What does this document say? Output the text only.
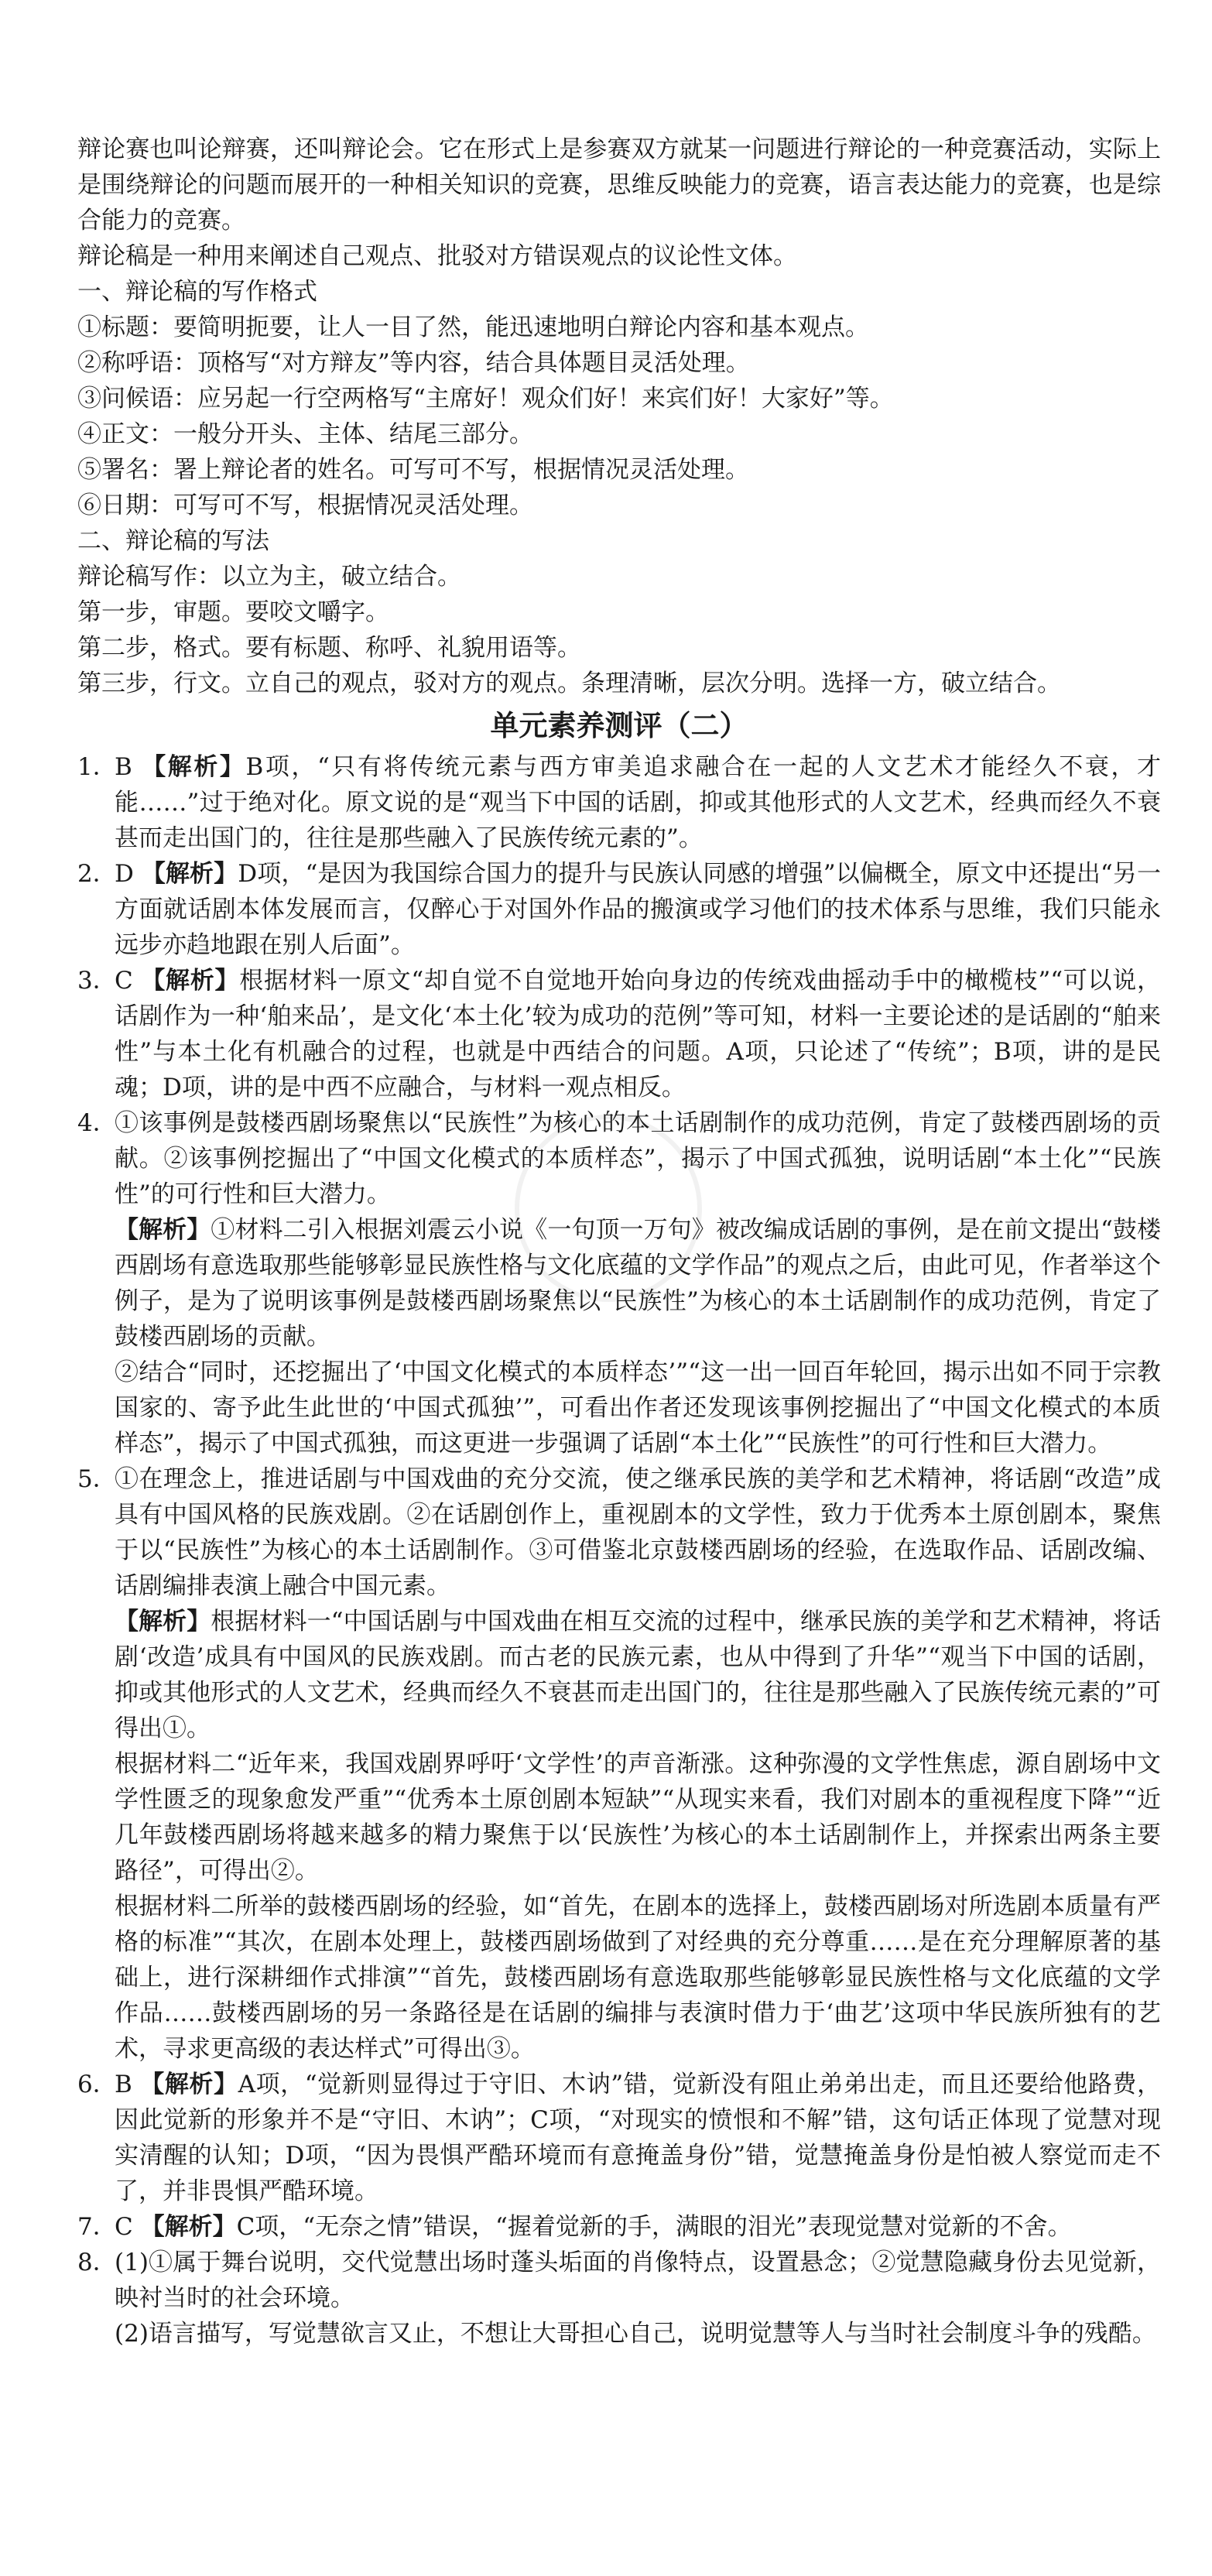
辩论赛也叫论辩赛，还叫辩论会。它在形式上是参赛双方就某一问题进行辩论的一种竞赛活动，实际上是围绕辩论的问题而展开的一种相关知识的竞赛，思维反映能力的竞赛，语言表达能力的竞赛，也是综合能力的竞赛。

辩论稿是一种用来阐述自己观点、批驳对方错误观点的议论性文体。

一、辩论稿的写作格式

①标题：要简明扼要，让人一目了然，能迅速地明白辩论内容和基本观点。

②称呼语：顶格写“对方辩友”等内容，结合具体题目灵活处理。

③问候语：应另起一行空两格写“主席好！观众们好！来宾们好！大家好”等。

④正文：一般分开头、主体、结尾三部分。

⑤署名：署上辩论者的姓名。可写可不写，根据情况灵活处理。

⑥日期：可写可不写，根据情况灵活处理。

二、辩论稿的写法

辩论稿写作：以立为主，破立结合。

第一步，审题。要咬文嚼字。

第二步，格式。要有标题、称呼、礼貌用语等。

第三步，行文。立自己的观点，驳对方的观点。条理清晰，层次分明。选择一方，破立结合。

单元素养测评（二）
1．

B 【解析】B项，“只有将传统元素与西方审美追求融合在一起的人文艺术才能经久不衰，才能……”过于绝对化。原文说的是“观当下中国的话剧，抑或其他形式的人文艺术，经典而经久不衰甚而走出国门的，往往是那些融入了民族传统元素的”。

2．

D 【解析】D项，“是因为我国综合国力的提升与民族认同感的增强”以偏概全，原文中还提出“另一方面就话剧本体发展而言，仅醉心于对国外作品的搬演或学习他们的技术体系与思维，我们只能永远步亦趋地跟在别人后面”。

3．

C 【解析】根据材料一原文“却自觉不自觉地开始向身边的传统戏曲摇动手中的橄榄枝”“可以说，话剧作为一种‘舶来品’，是文化‘本土化’较为成功的范例”等可知，材料一主要论述的是话剧的“舶来性”与本土化有机融合的过程，也就是中西结合的问题。A项，只论述了“传统”；B项，讲的是民魂；D项，讲的是中西不应融合，与材料一观点相反。

4．

①该事例是鼓楼西剧场聚焦以“民族性”为核心的本土话剧制作的成功范例，肯定了鼓楼西剧场的贡献。②该事例挖掘出了“中国文化模式的本质样态”，揭示了中国式孤独，说明话剧“本土化”“民族性”的可行性和巨大潜力。

【解析】①材料二引入根据刘震云小说《一句顶一万句》被改编成话剧的事例，是在前文提出“鼓楼西剧场有意选取那些能够彰显民族性格与文化底蕴的文学作品”的观点之后，由此可见，作者举这个例子，是为了说明该事例是鼓楼西剧场聚焦以“民族性”为核心的本土话剧制作的成功范例，肯定了鼓楼西剧场的贡献。

②结合“同时，还挖掘出了‘中国文化模式的本质样态’”“这一出一回百年轮回，揭示出如不同于宗教国家的、寄予此生此世的‘中国式孤独’”，可看出作者还发现该事例挖掘出了“中国文化模式的本质样态”，揭示了中国式孤独，而这更进一步强调了话剧“本土化”“民族性”的可行性和巨大潜力。

5．

①在理念上，推进话剧与中国戏曲的充分交流，使之继承民族的美学和艺术精神，将话剧“改造”成具有中国风格的民族戏剧。②在话剧创作上，重视剧本的文学性，致力于优秀本土原创剧本，聚焦于以“民族性”为核心的本土话剧制作。③可借鉴北京鼓楼西剧场的经验，在选取作品、话剧改编、话剧编排表演上融合中国元素。

【解析】根据材料一“中国话剧与中国戏曲在相互交流的过程中，继承民族的美学和艺术精神，将话剧‘改造’成具有中国风的民族戏剧。而古老的民族元素，也从中得到了升华”“观当下中国的话剧，抑或其他形式的人文艺术，经典而经久不衰甚而走出国门的，往往是那些融入了民族传统元素的”可得出①。

根据材料二“近年来，我国戏剧界呼吁‘文学性’的声音渐涨。这种弥漫的文学性焦虑，源自剧场中文学性匮乏的现象愈发严重”“优秀本土原创剧本短缺”“从现实来看，我们对剧本的重视程度下降”“近几年鼓楼西剧场将越来越多的精力聚焦于以‘民族性’为核心的本土话剧制作上，并探索出两条主要路径”，可得出②。

根据材料二所举的鼓楼西剧场的经验，如“首先，在剧本的选择上，鼓楼西剧场对所选剧本质量有严格的标准”“其次，在剧本处理上，鼓楼西剧场做到了对经典的充分尊重……是在充分理解原著的基础上，进行深耕细作式排演”“首先，鼓楼西剧场有意选取那些能够彰显民族性格与文化底蕴的文学作品……鼓楼西剧场的另一条路径是在话剧的编排与表演时借力于‘曲艺’这项中华民族所独有的艺术，寻求更高级的表达样式”可得出③。

6．

B 【解析】A项，“觉新则显得过于守旧、木讷”错，觉新没有阻止弟弟出走，而且还要给他路费，因此觉新的形象并不是“守旧、木讷”；C项，“对现实的愤恨和不解”错，这句话正体现了觉慧对现实清醒的认知；D项，“因为畏惧严酷环境而有意掩盖身份”错，觉慧掩盖身份是怕被人察觉而走不了，并非畏惧严酷环境。

7．

C 【解析】C项，“无奈之情”错误，“握着觉新的手，满眼的泪光”表现觉慧对觉新的不舍。

8．

(1)①属于舞台说明，交代觉慧出场时蓬头垢面的肖像特点，设置悬念；②觉慧隐藏身份去见觉新，映衬当时的社会环境。

(2)语言描写，写觉慧欲言又止，不想让大哥担心自己，说明觉慧等人与当时社会制度斗争的残酷。
